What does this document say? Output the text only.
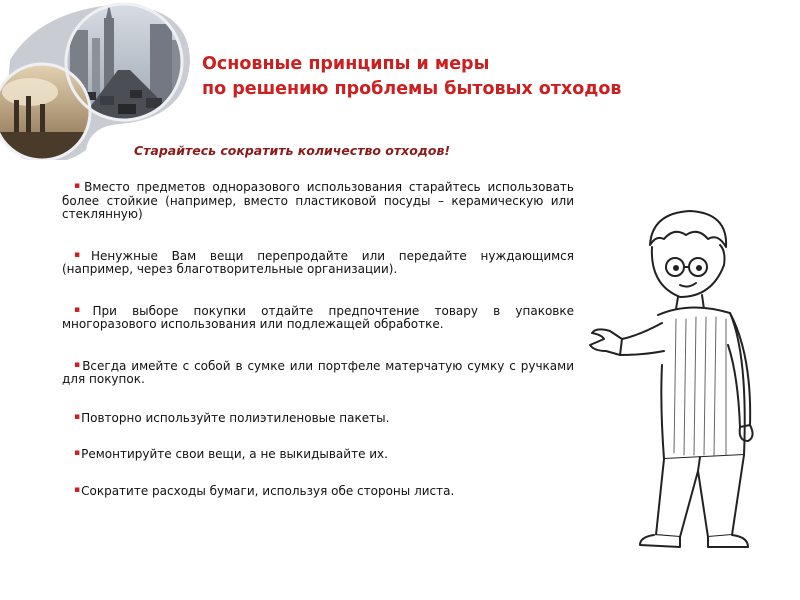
Основные принципы и меры
по решению проблемы бытовых отходов

Старайтесь сократить количество отходов!

▪ Вместо предметов одноразового использования старайтесь использовать более стойкие (например, вместо пластиковой посуды – керамическую или стеклянную)
▪ Ненужные Вам вещи перепродайте или передайте нуждающимся (например, через благотворительные организации).
▪ При выборе покупки отдайте предпочтение товару в упаковке многоразового использования или подлежащей обработке.
▪ Всегда имейте с собой в сумке или портфеле матерчатую сумку с ручками для покупок.
▪ Повторно используйте полиэтиленовые пакеты.
▪ Ремонтируйте свои вещи, а не выкидывайте их.
▪ Сократите расходы бумаги, используя обе стороны листа.
